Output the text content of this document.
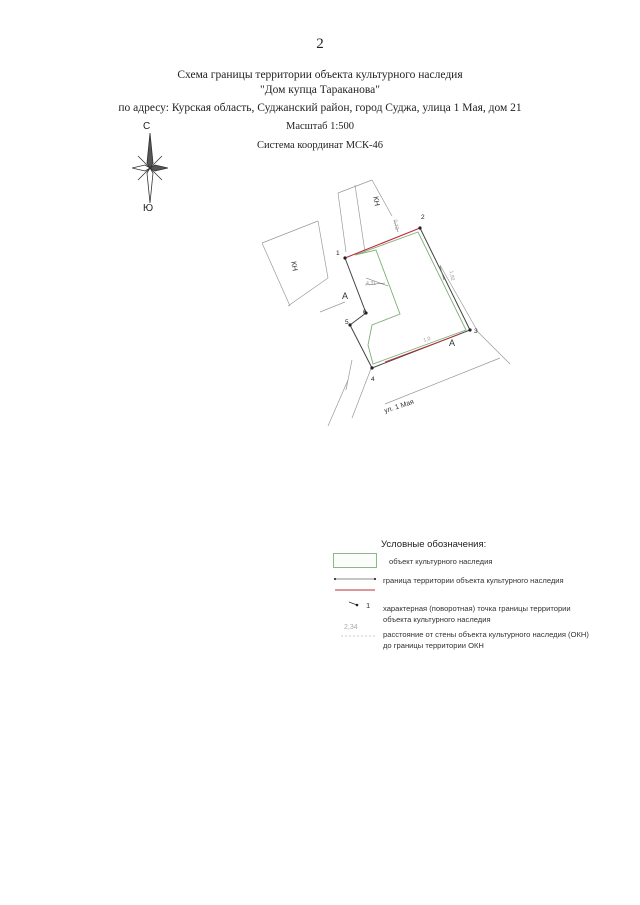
2
Схема границы территории объекта культурного наследия
"Дом купца Тараканова"
по адресу: Курская область, Суджанский район, город Суджа, улица 1 Мая, дом 21
Масштаб 1:500
Система координат МСК-46
С
Ю
1
2
3
4
5
6
А
А
КН
КН
ул. 1 Мая
0,73
1,92
4,31
1,0
Условные обозначения:
объект культурного наследия
граница территории объекта культурного наследия
1 характерная (поворотная) точка границы территории объекта культурного наследия
2,34
расстояние от стены объекта культурного наследия (ОКН) до границы территории ОКН
